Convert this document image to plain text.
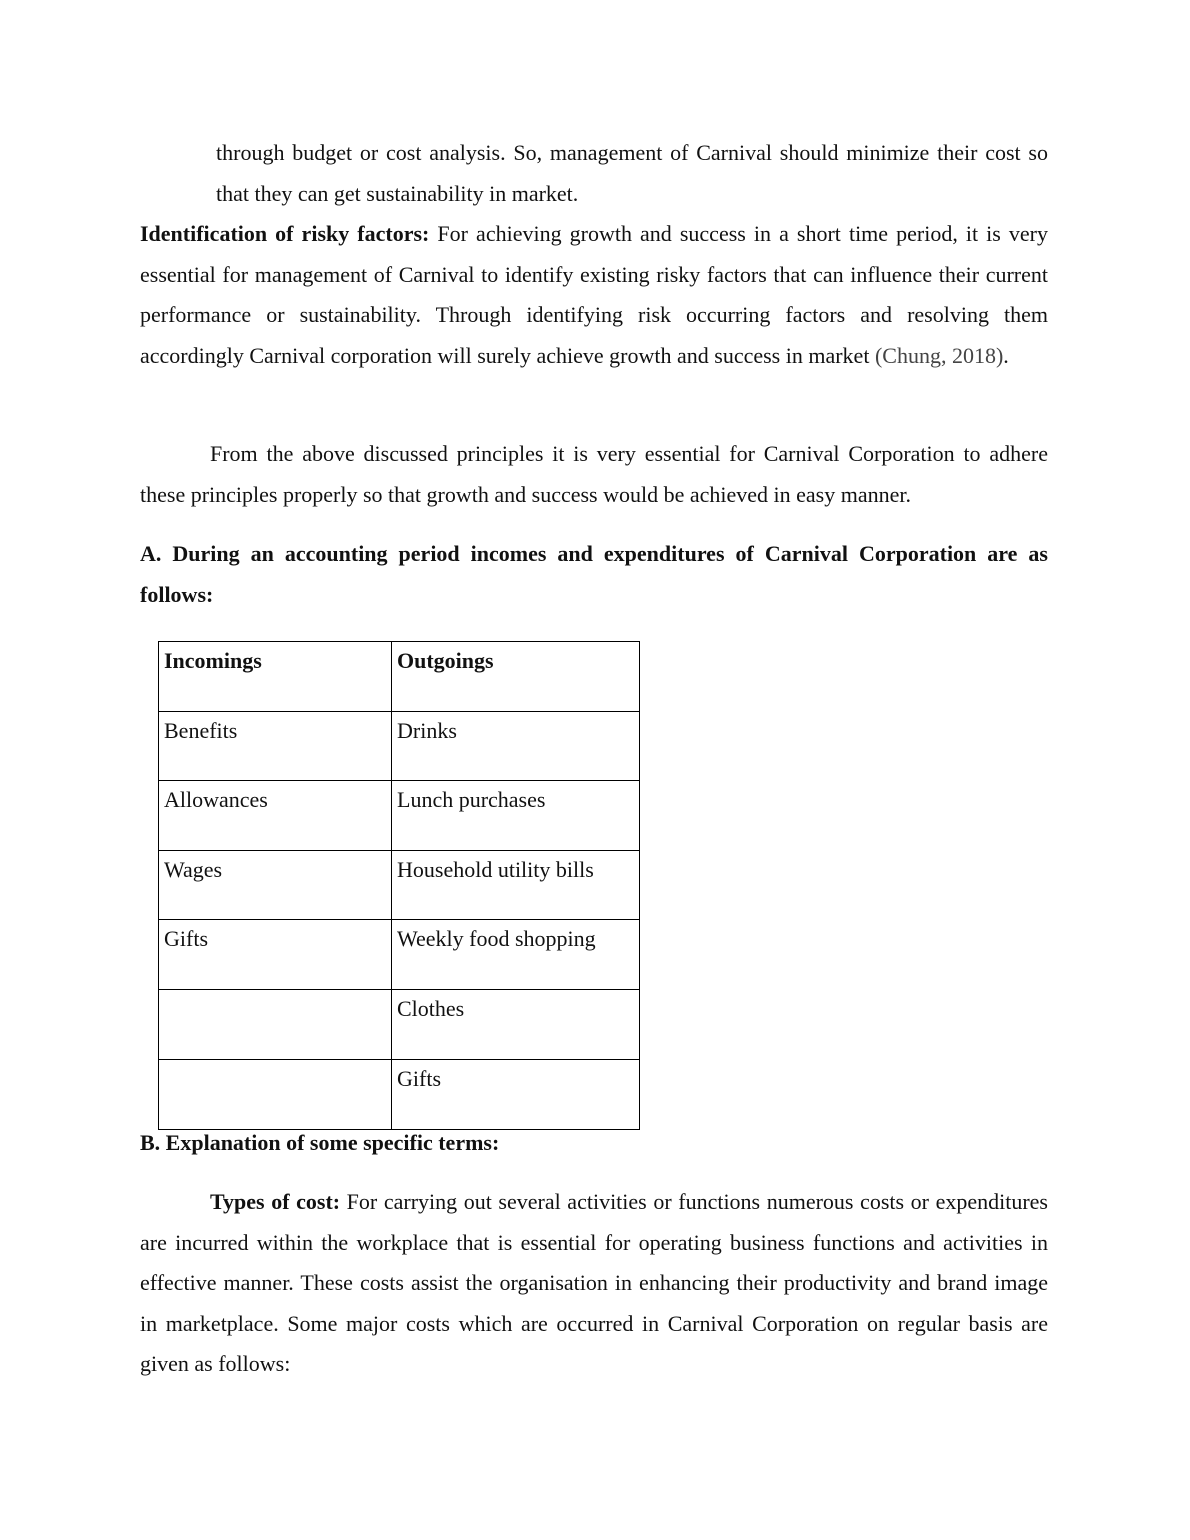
through budget or cost analysis. So, management of Carnival should minimize their cost so that they can get sustainability in market.

Identification of risky factors: For achieving growth and success in a short time period, it is very essential for management of Carnival to identify existing risky factors that can influence their current performance or sustainability. Through identifying risk occurring factors and resolving them accordingly Carnival corporation will surely achieve growth and success in market (Chung, 2018).

From the above discussed principles it is very essential for Carnival Corporation to adhere these principles properly so that growth and success would be achieved in easy manner.

A. During an accounting period incomes and expenditures of Carnival Corporation are as follows:

Incomings	Outgoings
Benefits	Drinks
Allowances	Lunch purchases
Wages	Household utility bills
Gifts	Weekly food shopping
	Clothes
	Gifts

B. Explanation of some specific terms:

Types of cost: For carrying out several activities or functions numerous costs or expenditures are incurred within the workplace that is essential for operating business functions and activities in effective manner. These costs assist the organisation in enhancing their productivity and brand image in marketplace. Some major costs which are occurred in Carnival Corporation on regular basis are given as follows:
